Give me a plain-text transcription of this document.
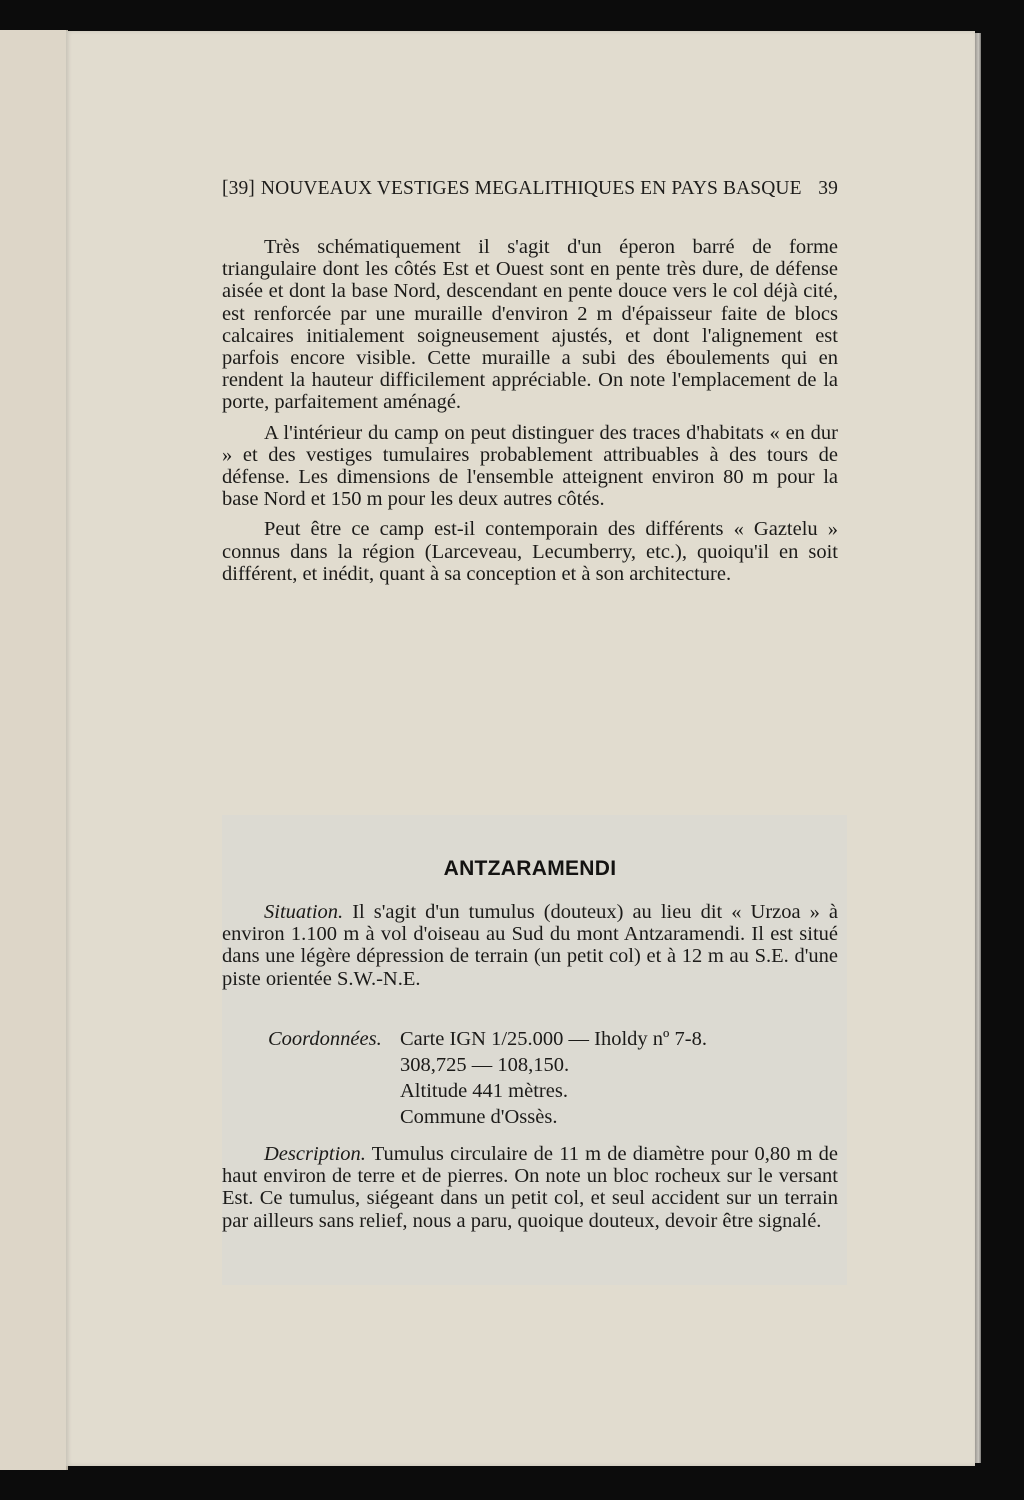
[39] NOUVEAUX VESTIGES MEGALITHIQUES EN PAYS BASQUE 39

Très schématiquement il s'agit d'un éperon barré de forme triangulaire dont les côtés Est et Ouest sont en pente très dure, de défense aisée et dont la base Nord, descendant en pente douce vers le col déjà cité, est renforcée par une muraille d'environ 2 m d'épaisseur faite de blocs calcaires initialement soigneusement ajustés, et dont l'alignement est parfois encore visible. Cette muraille a subi des éboulements qui en rendent la hauteur difficilement appréciable. On note l'emplacement de la porte, parfaitement aménagé.

A l'intérieur du camp on peut distinguer des traces d'habitats « en dur » et des vestiges tumulaires probablement attribuables à des tours de défense. Les dimensions de l'ensemble atteignent environ 80 m pour la base Nord et 150 m pour les deux autres côtés.

Peut être ce camp est-il contemporain des différents « Gaztelu » connus dans la région (Larceveau, Lecumberry, etc.), quoiqu'il en soit différent, et inédit, quant à sa conception et à son architecture.

ANTZARAMENDI

Situation. Il s'agit d'un tumulus (douteux) au lieu dit « Urzoa » à environ 1.100 m à vol d'oiseau au Sud du mont Antzaramendi. Il est situé dans une légère dépression de terrain (un petit col) et à 12 m au S.E. d'une piste orientée S.W.-N.E.

Coordonnées. Carte IGN 1/25.000 — Iholdy nº 7-8.
308,725 — 108,150.
Altitude 441 mètres.
Commune d'Ossès.

Description. Tumulus circulaire de 11 m de diamètre pour 0,80 m de haut environ de terre et de pierres. On note un bloc rocheux sur le versant Est. Ce tumulus, siégeant dans un petit col, et seul accident sur un terrain par ailleurs sans relief, nous a paru, quoique douteux, devoir être signalé.
